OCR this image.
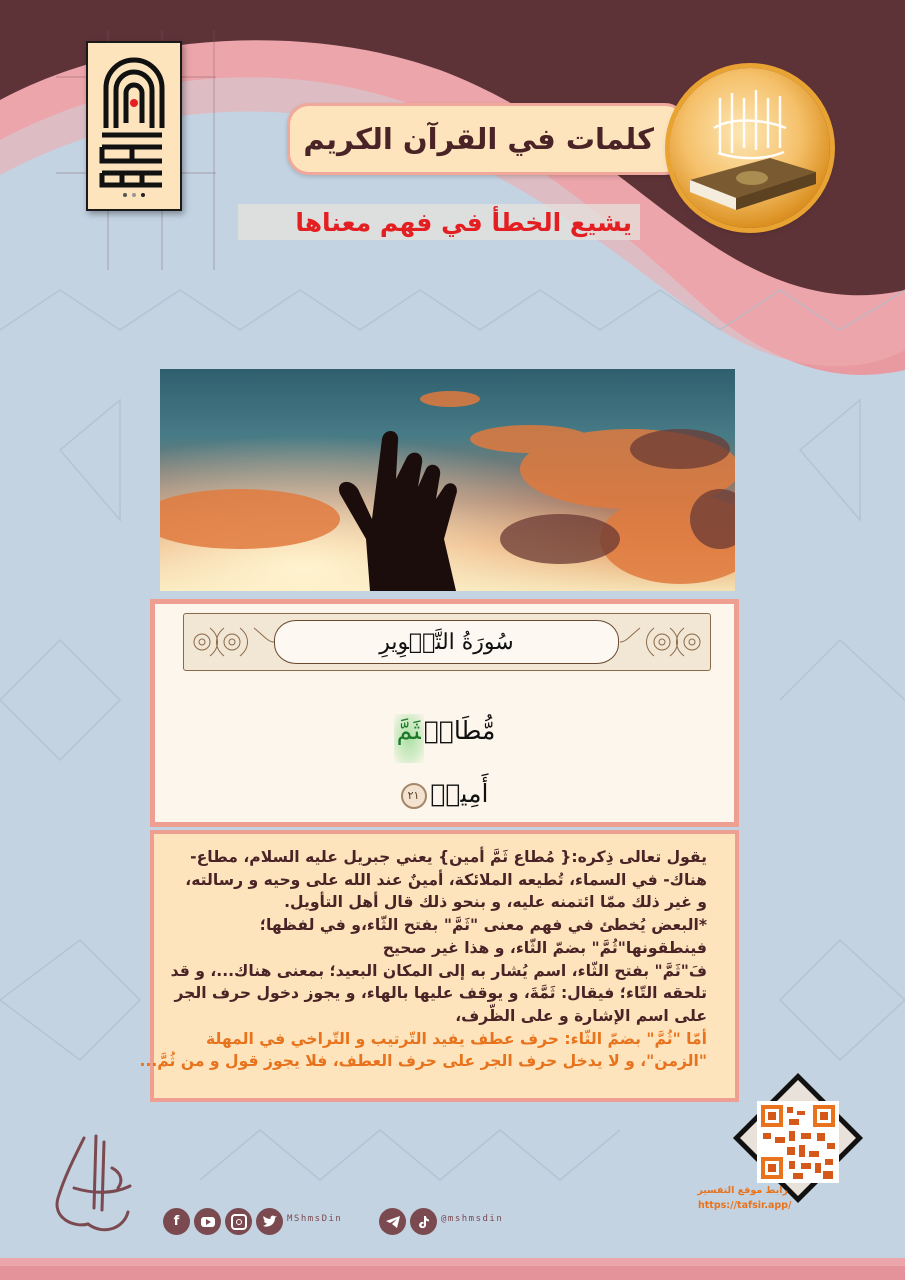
كلمات في القرآن الكريم
يشيع الخطأ في فهم معناها
سُورَةُ التَّكۡوِيرِ
مُّطَاعٖثَمَّ
أَمِينٖ٢١
يقول تعالى ذِكره:{ مُطاع ثَمَّ أمين} يعني جبريل عليه السلام، مطاع-
هناك- في السماء، تُطيعه الملائكة، أمينٌ عند الله على وحيه و رسالته،
و غير ذلك ممّا ائتمنه عليه، و بنحو ذلك قال أهل التأويل.
*البعض يُخطئ في فهم معنى "ثَمَّ" بفتح الثّاء،و في لفظها؛
فينطقونها"ثُمَّ" بضمّ الثّاء، و هذا غير صحيح
فَ"ثَمَّ" بفتح الثّاء، اسم يُشار به إلى المكان البعيد؛ بمعنى هناك...، و قد
تلحقه التّاء؛ فيقال: ثَمَّةَ، و يوقف عليها بالهاء، و يجوز دخول حرف الجر
على اسم الإشارة و على الظّرف،
أمّا "ثُمَّ" بضمّ الثّاء: حرف عطف يفيد التّرتيب و التّراخي في المهلة
"الزمن"، و لا يدخل حرف الجر على حرف العطف، فلا يجوز قول و من ثُمَّ...
رابط موقع التفسير
https://tafsir.app/
f	MShmsDin	@mshmsdin
